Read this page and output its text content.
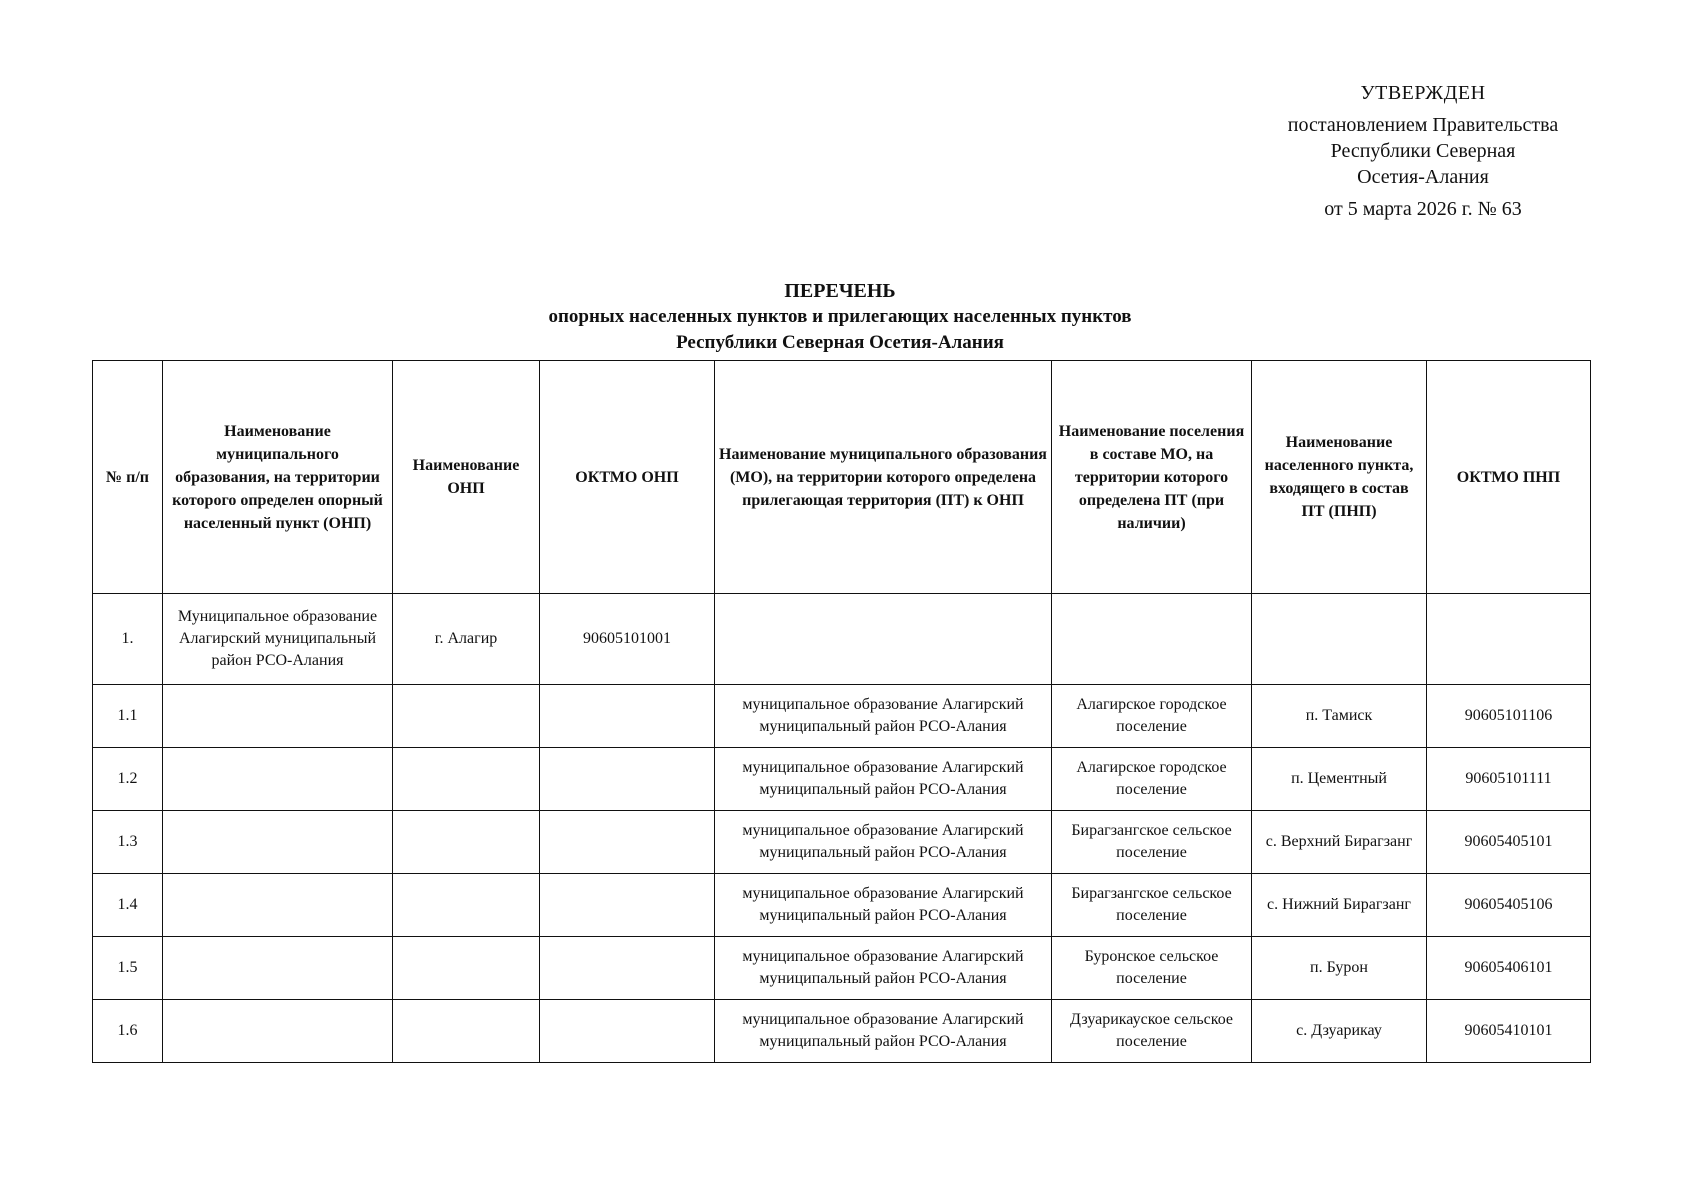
УТВЕРЖДЕН
постановлением Правительства
Республики Северная
Осетия-Алания
от 5 марта 2026 г. № 63
ПЕРЕЧЕНЬ
опорных населенных пунктов и прилегающих населенных пунктов
Республики Северная Осетия-Алания
№ п/п	Наименование муниципального образования, на территории которого определен опорный населенный пункт (ОНП)	Наименование ОНП	ОКТМО ОНП	Наименование муниципального образования (МО), на территории которого определена прилегающая территория (ПТ) к ОНП	Наименование поселения в составе МО, на территории которого определена ПТ (при наличии)	Наименование населенного пункта, входящего в состав ПТ (ПНП)	ОКТМО ПНП
1.	Муниципальное образование Алагирский муниципальный район РСО-Алания	г. Алагир	90605101001				
1.1				муниципальное образование Алагирский муниципальный район РСО-Алания	Алагирское городское поселение	п. Тамиск	90605101106
1.2				муниципальное образование Алагирский муниципальный район РСО-Алания	Алагирское городское поселение	п. Цементный	90605101111
1.3				муниципальное образование Алагирский муниципальный район РСО-Алания	Бирагзангское сельское поселение	с. Верхний Бирагзанг	90605405101
1.4				муниципальное образование Алагирский муниципальный район РСО-Алания	Бирагзангское сельское поселение	с. Нижний Бирагзанг	90605405106
1.5				муниципальное образование Алагирский муниципальный район РСО-Алания	Буронское сельское поселение	п. Бурон	90605406101
1.6				муниципальное образование Алагирский муниципальный район РСО-Алания	Дзуарикауское сельское поселение	с. Дзуарикау	90605410101
